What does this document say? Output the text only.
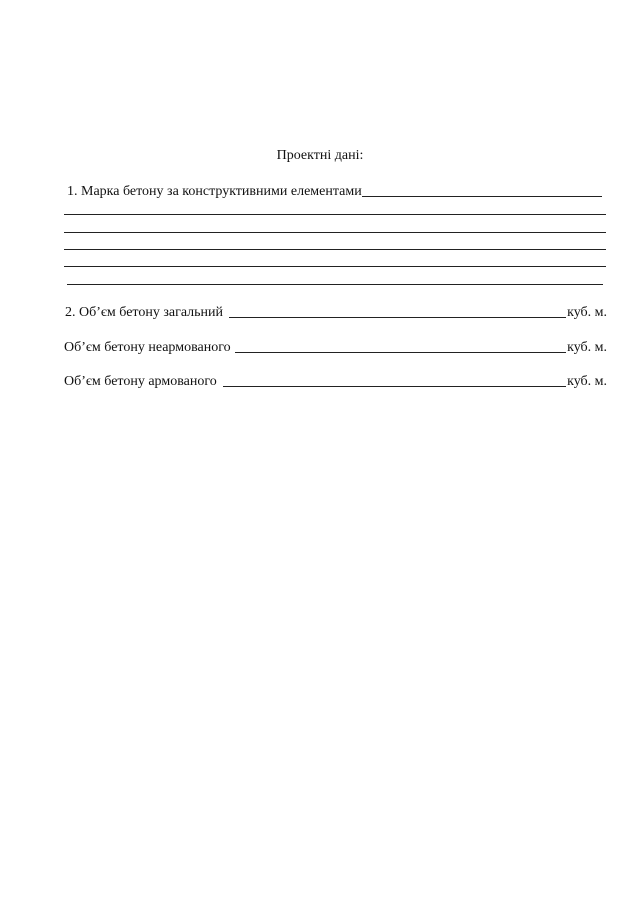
Проектні дані:
1. Марка бетону за конструктивними елементами
2. Об’єм бетону загальний	куб. м.
Об’єм бетону неармованого	куб. м.
Об’єм бетону армованого	куб. м.
